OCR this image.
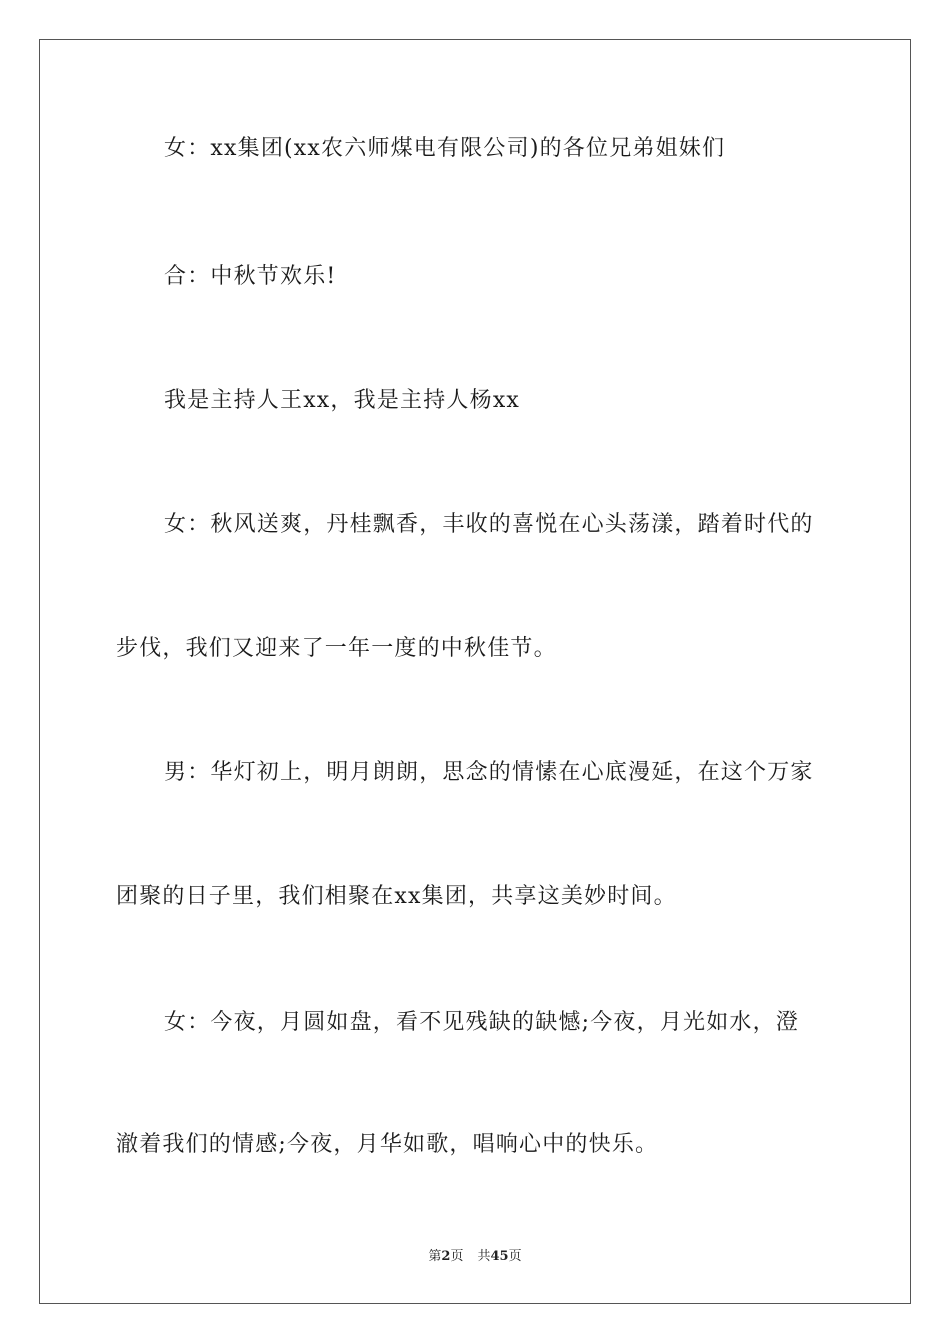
女：xx集团(xx农六师煤电有限公司)的各位兄弟姐妹们
合：中秋节欢乐!
我是主持人王xx，我是主持人杨xx
女：秋风送爽，丹桂飘香，丰收的喜悦在心头荡漾，踏着时代的
步伐，我们又迎来了一年一度的中秋佳节。
男：华灯初上，明月朗朗，思念的情愫在心底漫延，在这个万家
团聚的日子里，我们相聚在xx集团，共享这美妙时间。
女：今夜，月圆如盘，看不见残缺的缺憾;今夜，月光如水，澄
澈着我们的情感;今夜，月华如歌，唱响心中的快乐。
第2页 共45页
